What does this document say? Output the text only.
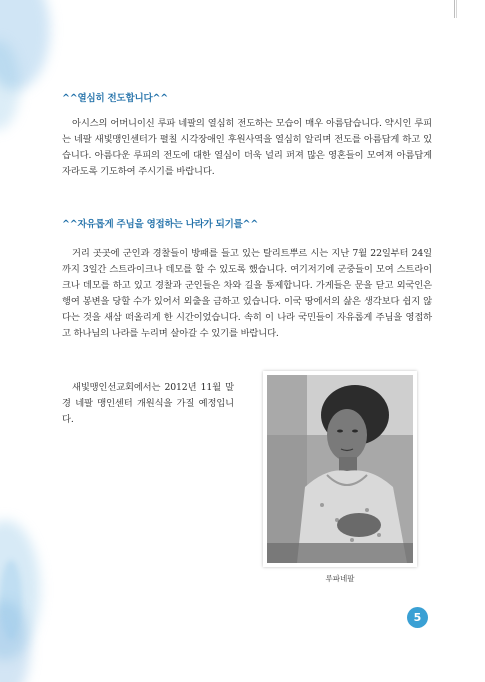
^^열심히 전도합니다^^
아시스의 어머니이신 루파 네팔의 열심히 전도하는 모습이 매우 아름답습니다. 약시인 루피는 네팔 새빛맹인센터가 펼칠 시각장애인 후원사역을 열심히 알리며 전도를 아름답게 하고 있습니다. 아름다운 루피의 전도에 대한 열심이 더욱 널리 퍼져 많은 영혼들이 모여져 아름답게 자라도록 기도하여 주시기를 바랍니다.
^^자유롭게 주님을 영접하는 나라가 되기를^^
거리 곳곳에 군인과 경찰들이 방패를 들고 있는 탈리트뿌르 시는 지난 7월 22일부터 24일까지 3일간 스트라이크나 데모를 할 수 있도록 했습니다. 여기저기에 군중들이 모여 스트라이크나 데모를 하고 있고 경찰과 군인들은 차와 길을 통제합니다. 가게들은 문을 닫고 외국인은 행여 봉변을 당할 수가 있어서 외출을 금하고 있습니다. 이국 땅에서의 삶은 생각보다 쉽지 않다는 것을 새삼 떠올리게 한 시간이었습니다. 속히 이 나라 국민들이 자유롭게 주님을 영접하고 하나님의 나라를 누리며 살아갈 수 있기를 바랍니다.
새빛맹인선교회에서는 2012년 11월 말경 네팔 맹인센터 개원식을 가질 예정입니다.
루파네팔
5
